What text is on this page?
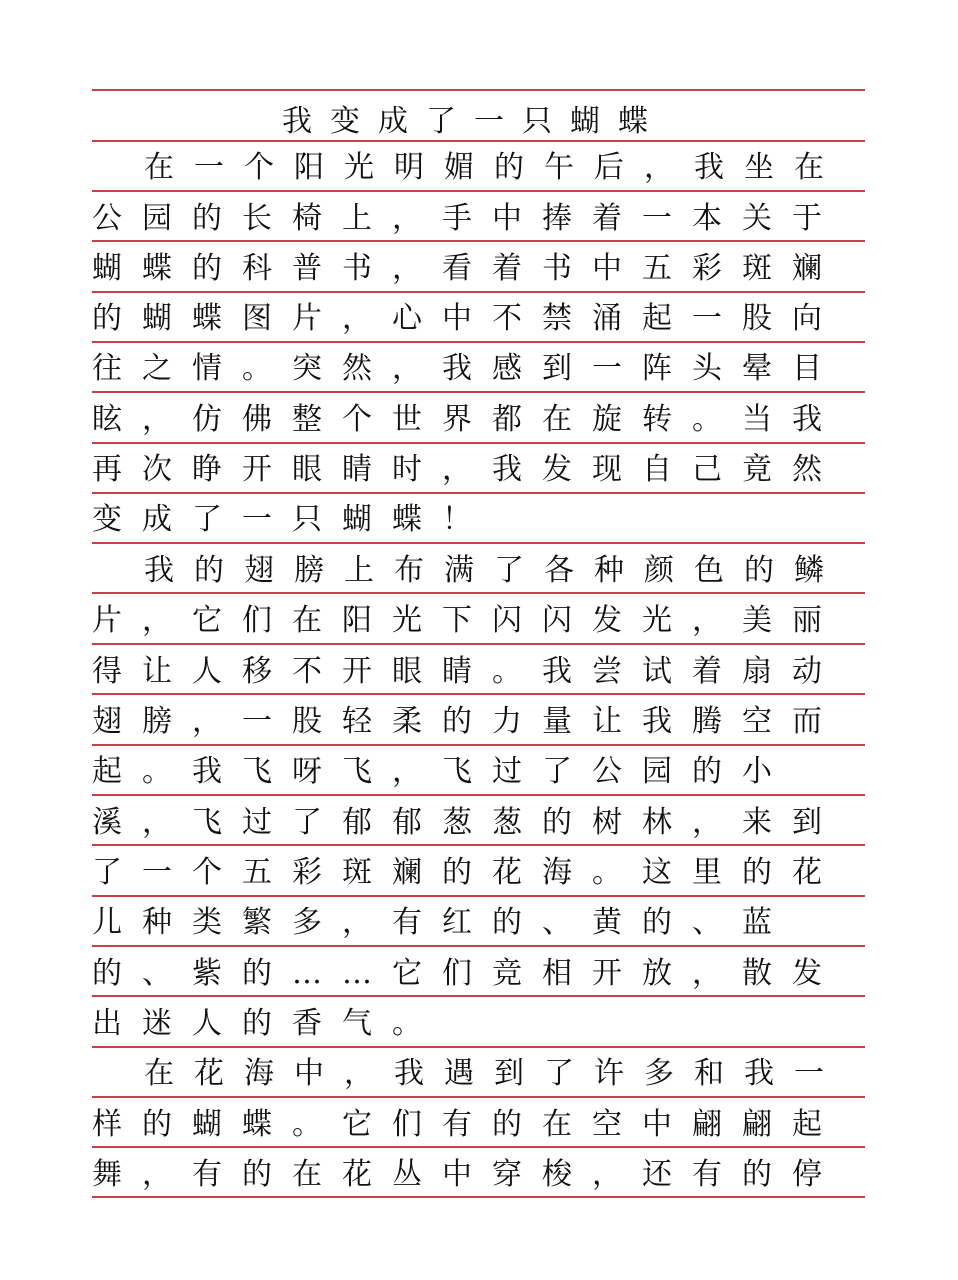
我变成了一只蝴蝶
在一个阳光明媚的午后，我坐在
公园的长椅上，手中捧着一本关于
蝴蝶的科普书，看着书中五彩斑斓
的蝴蝶图片，心中不禁涌起一股向
往之情。突然，我感到一阵头晕目
眩，仿佛整个世界都在旋转。当我
再次睁开眼睛时，我发现自己竟然
变成了一只蝴蝶！
我的翅膀上布满了各种颜色的鳞
片，它们在阳光下闪闪发光，美丽
得让人移不开眼睛。我尝试着扇动
翅膀，一股轻柔的力量让我腾空而
起。我飞呀飞，飞过了公园的小
溪，飞过了郁郁葱葱的树林，来到
了一个五彩斑斓的花海。这里的花
儿种类繁多，有红的、黄的、蓝
的、紫的……它们竞相开放，散发
出迷人的香气。
在花海中，我遇到了许多和我一
样的蝴蝶。它们有的在空中翩翩起
舞，有的在花丛中穿梭，还有的停
